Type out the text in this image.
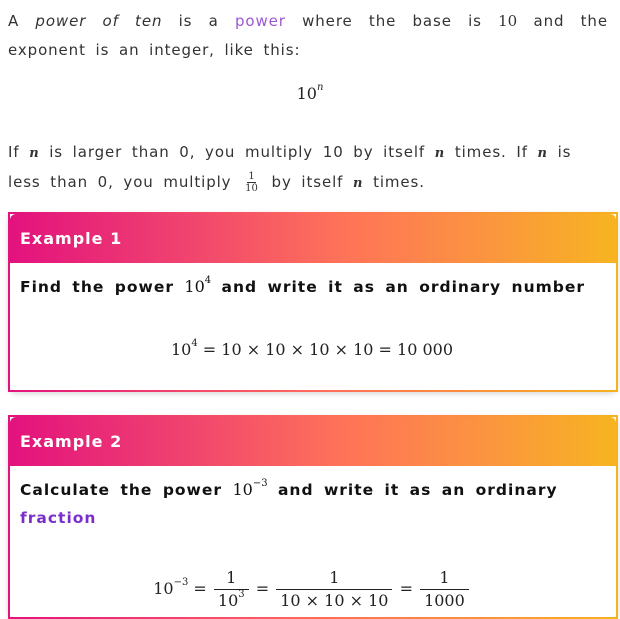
A power of ten is a power where the base is 10 and the exponent is an integer, like this:
10$^n$
If n is larger than 0, you multiply 10 by itself n times. If n is less than 0, you multiply $\frac{1}{10}$ by itself n times.
Example 1
Find the power $10^4$ and write it as an ordinary number
$10^4 = 10 \times 10 \times 10 \times 10 = 10$ 000
Example 2
Calculate the power $10^{-3}$ and write it as an ordinary
fraction
$10^{-3} = \frac{1}{10^3} = \frac{1}{10 \times 10 \times 10} = \frac{1}{1000}$
